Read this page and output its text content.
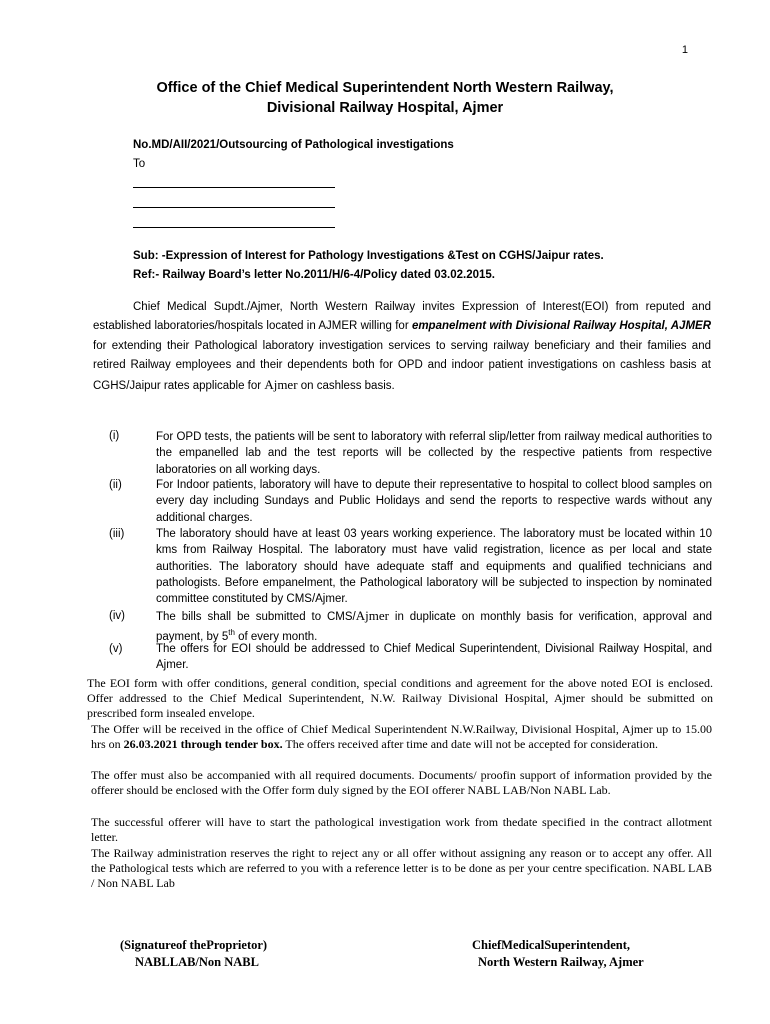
1
Office of the Chief Medical Superintendent North Western Railway,
Divisional Railway Hospital, Ajmer
No.MD/AII/2021/Outsourcing of Pathological investigations
To
Sub: -Expression of Interest for Pathology Investigations &Test on CGHS/Jaipur rates.
Ref:- Railway Board’s letter No.2011/H/6-4/Policy dated 03.02.2015.
Chief Medical Supdt./Ajmer, North Western Railway invites Expression of Interest(EOI) from reputed and established laboratories/hospitals located in AJMER willing for empanelment with Divisional Railway Hospital, AJMER for extending their Pathological laboratory investigation services to serving railway beneficiary and their families and retired Railway employees and their dependents both for OPD and indoor patient investigations on cashless basis at CGHS/Jaipur rates applicable for Ajmer on cashless basis.
(i)	For OPD tests, the patients will be sent to laboratory with referral slip/letter from railway medical authorities to the empanelled lab and the test reports will be collected by the respective patients from respective laboratories on all working days.
(ii)	For Indoor patients, laboratory will have to depute their representative to hospital to collect blood samples on every day including Sundays and Public Holidays and send the reports to respective wards without any additional charges.
(iii)	The laboratory should have at least 03 years working experience. The laboratory must be located within 10 kms from Railway Hospital. The laboratory must have valid registration, licence as per local and state authorities. The laboratory should have adequate staff and equipments and qualified technicians and pathologists. Before empanelment, the Pathological laboratory will be subjected to inspection by nominated committee constituted by CMS/Ajmer.
(iv)	The bills shall be submitted to CMS/Ajmer in duplicate on monthly basis for verification, approval and payment, by 5th of every month.
(v)	The offers for EOI should be addressed to Chief Medical Superintendent, Divisional Railway Hospital, and Ajmer.
The EOI form with offer conditions, general condition, special conditions and agreement for the above noted EOI is enclosed. Offer addressed to the Chief Medical Superintendent, N.W. Railway Divisional Hospital, Ajmer should be submitted on prescribed form insealed envelope.
The Offer will be received in the office of Chief Medical Superintendent N.W.Railway, Divisional Hospital, Ajmer up to 15.00 hrs on 26.03.2021 through tender box. The offers received after time and date will not be accepted for consideration.
The offer must also be accompanied with all required documents. Documents/ proofin support of information provided by the offerer should be enclosed with the Offer form duly signed by the EOI offerer NABL LAB/Non NABL Lab.
The successful offerer will have to start the pathological investigation work from thedate specified in the contract allotment letter.
The Railway administration reserves the right to reject any or all offer without assigning any reason or to accept any offer. All the Pathological tests which are referred to you with a reference letter is to be done as per your centre specification. NABL LAB / Non NABL Lab
(Signatureof theProprietor)
NABLLAB/Non NABL
ChiefMedicalSuperintendent,
North Western Railway, Ajmer
